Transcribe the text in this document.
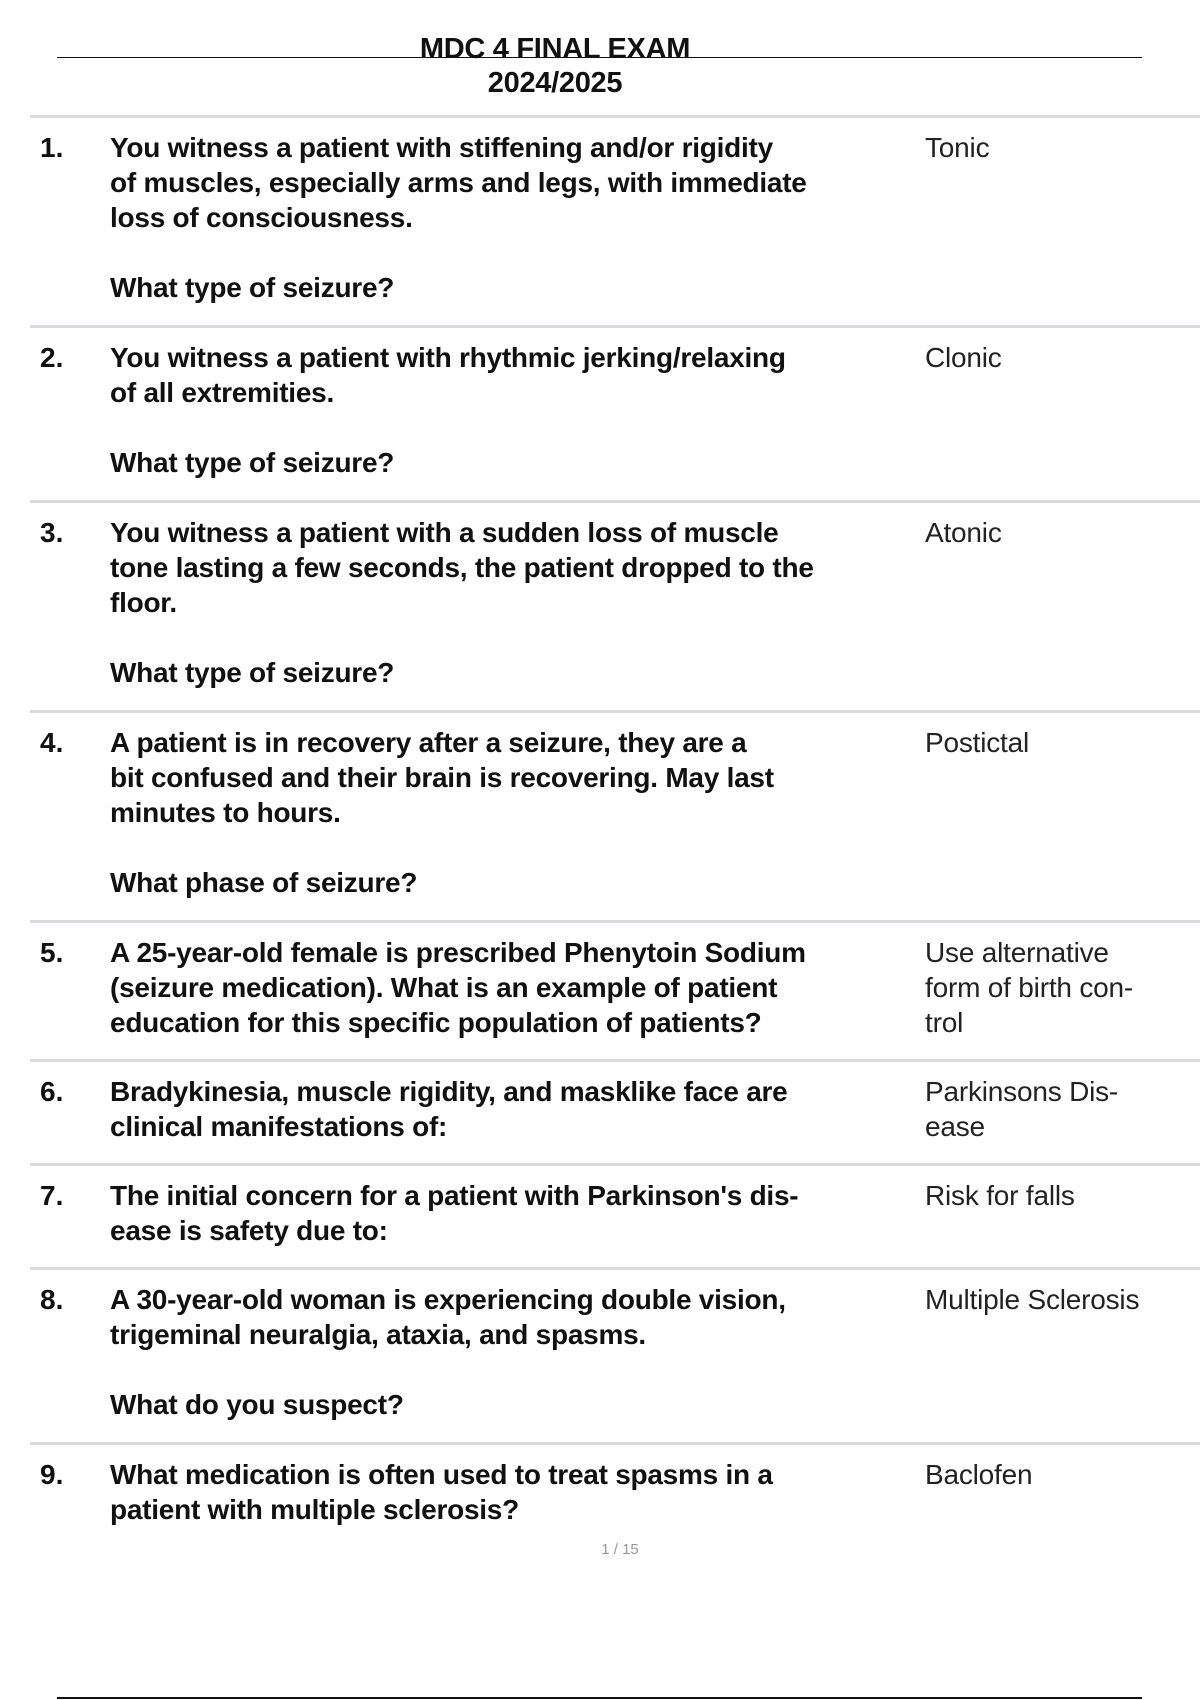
MDC 4 FINAL EXAM
2024/2025
1. You witness a patient with stiffening and/or rigidity
of muscles, especially arms and legs, with immediate
loss of consciousness.
What type of seizure?
Tonic
2. You witness a patient with rhythmic jerking/relaxing
of all extremities.
What type of seizure?
Clonic
3. You witness a patient with a sudden loss of muscle
tone lasting a few seconds, the patient dropped to the
floor.
What type of seizure?
Atonic
4. A patient is in recovery after a seizure, they are a
bit confused and their brain is recovering. May last
minutes to hours.
What phase of seizure?
Postictal
5. A 25-year-old female is prescribed Phenytoin Sodium
(seizure medication). What is an example of patient
education for this specific population of patients?
Use alternative
form of birth con-
trol
6. Bradykinesia, muscle rigidity, and masklike face are
clinical manifestations of:
Parkinsons Dis-
ease
7. The initial concern for a patient with Parkinson's dis-
ease is safety due to:
Risk for falls
8. A 30-year-old woman is experiencing double vision,
trigeminal neuralgia, ataxia, and spasms.
What do you suspect?
Multiple Sclerosis
9. What medication is often used to treat spasms in a
patient with multiple sclerosis?
Baclofen
1 / 15
